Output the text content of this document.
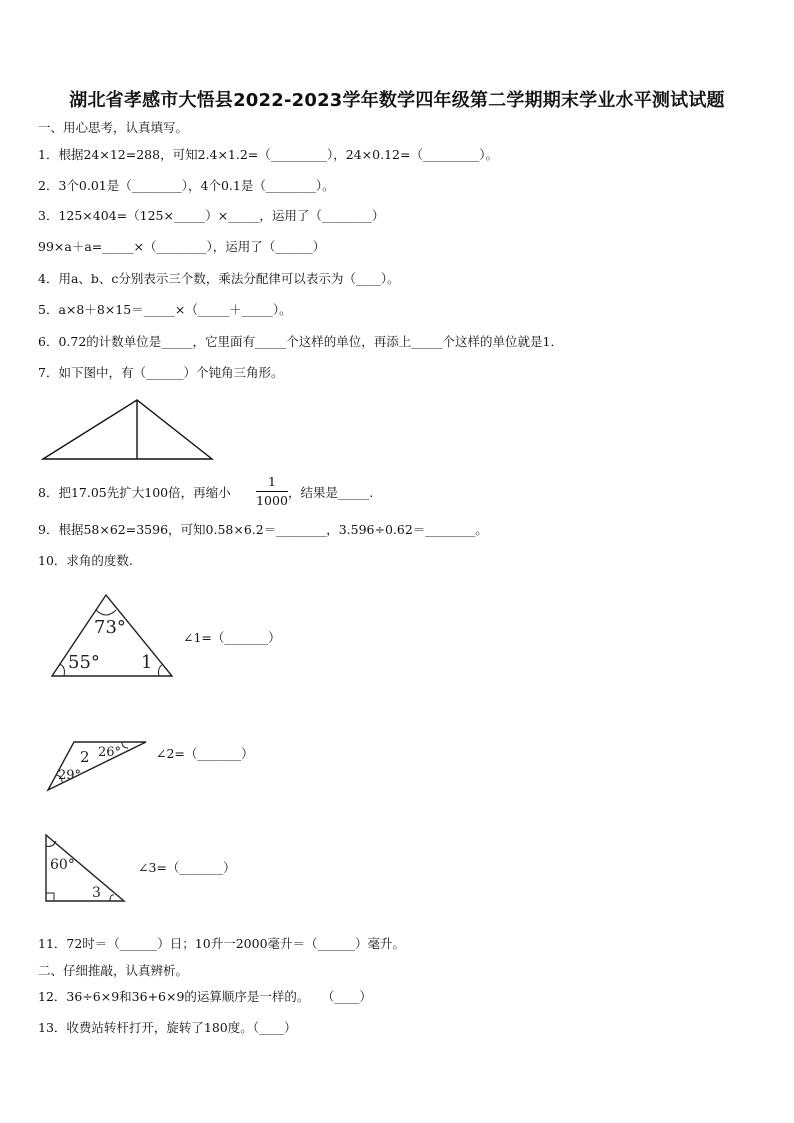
湖北省孝感市大悟县2022-2023学年数学四年级第二学期期末学业水平测试试题
一、用心思考，认真填写。
1．根据24×12=288，可知2.4×1.2=（_________），24×0.12=（_________）。
2．3个0.01是（________），4个0.1是（________）。
3．125×404=（125×_____）×_____，运用了（________）
99×a＋a=_____×（________），运用了（______）
4．用a、b、c分别表示三个数，乘法分配律可以表示为（____）。
5．a×8＋8×15＝_____×（_____＋_____）。
6．0.72的计数单位是_____，它里面有_____个这样的单位，再添上_____个这样的单位就是1．
7．如下图中，有（______）个钝角三角形。
8．把17.05先扩大100倍，再缩小
1
1000
，结果是_____.
9．根据58×62=3596，可知0.58×6.2＝________，3.596÷0.62＝________。
10．求角的度数.
73°
55° 1
∠1=（_______）
2 26°
29°
∠2=（_______）
60°
3
∠3=（_______）
11．72时＝（______）日；10升一2000毫升＝（______）毫升。
二、仔细推敲，认真辨析。
12．36÷6×9和36+6×9的运算顺序是一样的。　　（____）
13．收费站转杆打开，旋转了180度。（____）
